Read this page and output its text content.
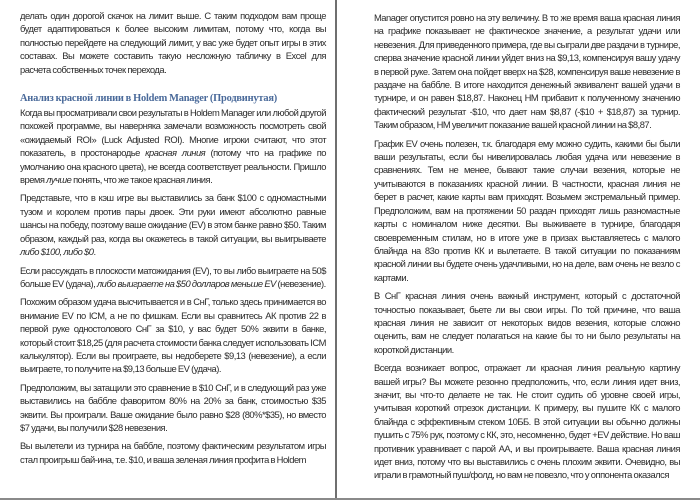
делать один дорогой скачок на лимит выше. С таким подходом вам проще будет адаптироваться к более высоким лимитам, потому что, когда вы полностью перейдете на следующий лимит, у вас уже будет опыт игры в этих составах. Вы можете составить такую несложную табличку в Excel для расчета собственных точек перехода.

Анализ красной линии в Holdem Manager (Продвинутая)

Когда вы просматривали свои результаты в Holdem Manager или любой другой похожей программе, вы наверняка замечали возможность посмотреть свой «ожидаемый ROI» (Luck Adjusted ROI). Многие игроки считают, что этот показатель, в простонародье красная линия (потому что на графике по умолчанию она красного цвета), не всегда соответствует реальности. Пришло время лучше понять, что же такое красная линия.

Представьте, что в кэш игре вы выставились за банк $100 с одномастными тузом и королем против пары двоек. Эти руки имеют абсолютно равные шансы на победу, поэтому ваше ожидание (EV) в этом банке равно $50. Таким образом, каждый раз, когда вы окажетесь в такой ситуации, вы выигрываете либо $100, либо $0.

Если рассуждать в плоскости матожидания (EV), то вы либо выиграете на 50$ больше EV (удача), либо выиграете на $50 долларов меньше EV (невезение).

Похожим образом удача высчитывается и в СнГ, только здесь принимается во внимание EV по ICM, а не по фишкам. Если вы сравнитесь АК против 22 в первой руке одностолового СнГ за $10, у вас будет 50% эквити в банке, который стоит $18,25 (для расчета стоимости банка следует использовать ICM калькулятор). Если вы проиграете, вы недоберете $9,13 (невезение), а если выиграете, то получите на $9,13 больше EV (удача).

Предположим, вы затащили это сравнение в $10 СнГ, и в следующий раз уже выставились на баббле фаворитом 80% на 20% за банк, стоимостью $35 эквити. Вы проиграли. Ваше ожидание было равно $28 (80%*$35), но вместо $7 удачи, вы получили $28 невезения.

Вы вылетели из турнира на баббле, поэтому фактическим результатом игры стал проигрыш бай-ина, т.е. $10, и ваша зеленая линия профита в Holdem

Manager опустится ровно на эту величину. В то же время ваша красная линия на графике показывает не фактическое значение, а результат удачи или невезения. Для приведенного примера, где вы сыграли две раздачи в турнире, сперва значение красной линии уйдет вниз на $9,13, компенсируя вашу удачу в первой руке. Затем она пойдет вверх на $28, компенсируя ваше невезение в раздаче на баббле. В итоге находится денежный эквивалент вашей удачи в турнире, и он равен $18,87. Наконец НМ прибавит к полученному значению фактический результат -$10, что дает нам $8,87 (-$10 + $18,87) за турнир. Таким образом, НМ увеличит показание вашей красной линии на $8,87.

График EV очень полезен, т.к. благодаря ему можно судить, какими бы были ваши результаты, если бы нивелировалась любая удача или невезение в сравнениях. Тем не менее, бывают такие случаи везения, которые не учитываются в показаниях красной линии. В частности, красная линия не берет в расчет, какие карты вам приходят. Возьмем экстремальный пример. Предположим, вам на протяжении 50 раздач приходят лишь разномастные карты с номиналом ниже десятки. Вы выживаете в турнире, благодаря своевременным стилам, но в итоге уже в призах выставляетесь с малого блайнда на 83о против КК и вылетаете. В такой ситуации по показаниям красной линии вы будете очень удачливыми, но на деле, вам очень не везло с картами.

В СнГ красная линия очень важный инструмент, который с достаточной точностью показывает, бьете ли вы свои игры. По той причине, что ваша красная линия не зависит от некоторых видов везения, которые сложно оценить, вам не следует полагаться на какие бы то ни было результаты на короткой дистанции.

Всегда возникает вопрос, отражает ли красная линия реальную картину вашей игры? Вы можете резонно предположить, что, если линия идет вниз, значит, вы что-то делаете не так. Не стоит судить об уровне своей игры, учитывая короткий отрезок дистанции. К примеру, вы пушите КК с малого блайнда с эффективным стеком 10ББ. В этой ситуации вы обычно должны пушить с 75% рук, поэтому с КК, это, несомненно, будет +EV действие. Но ваш противник уравнивает с парой АА, и вы проигрываете. Ваша красная линия идет вниз, потому что вы выставились с очень плохим эквити. Очевидно, вы играли в грамотный пуш/фолд, но вам не повезло, что у оппонента оказался
